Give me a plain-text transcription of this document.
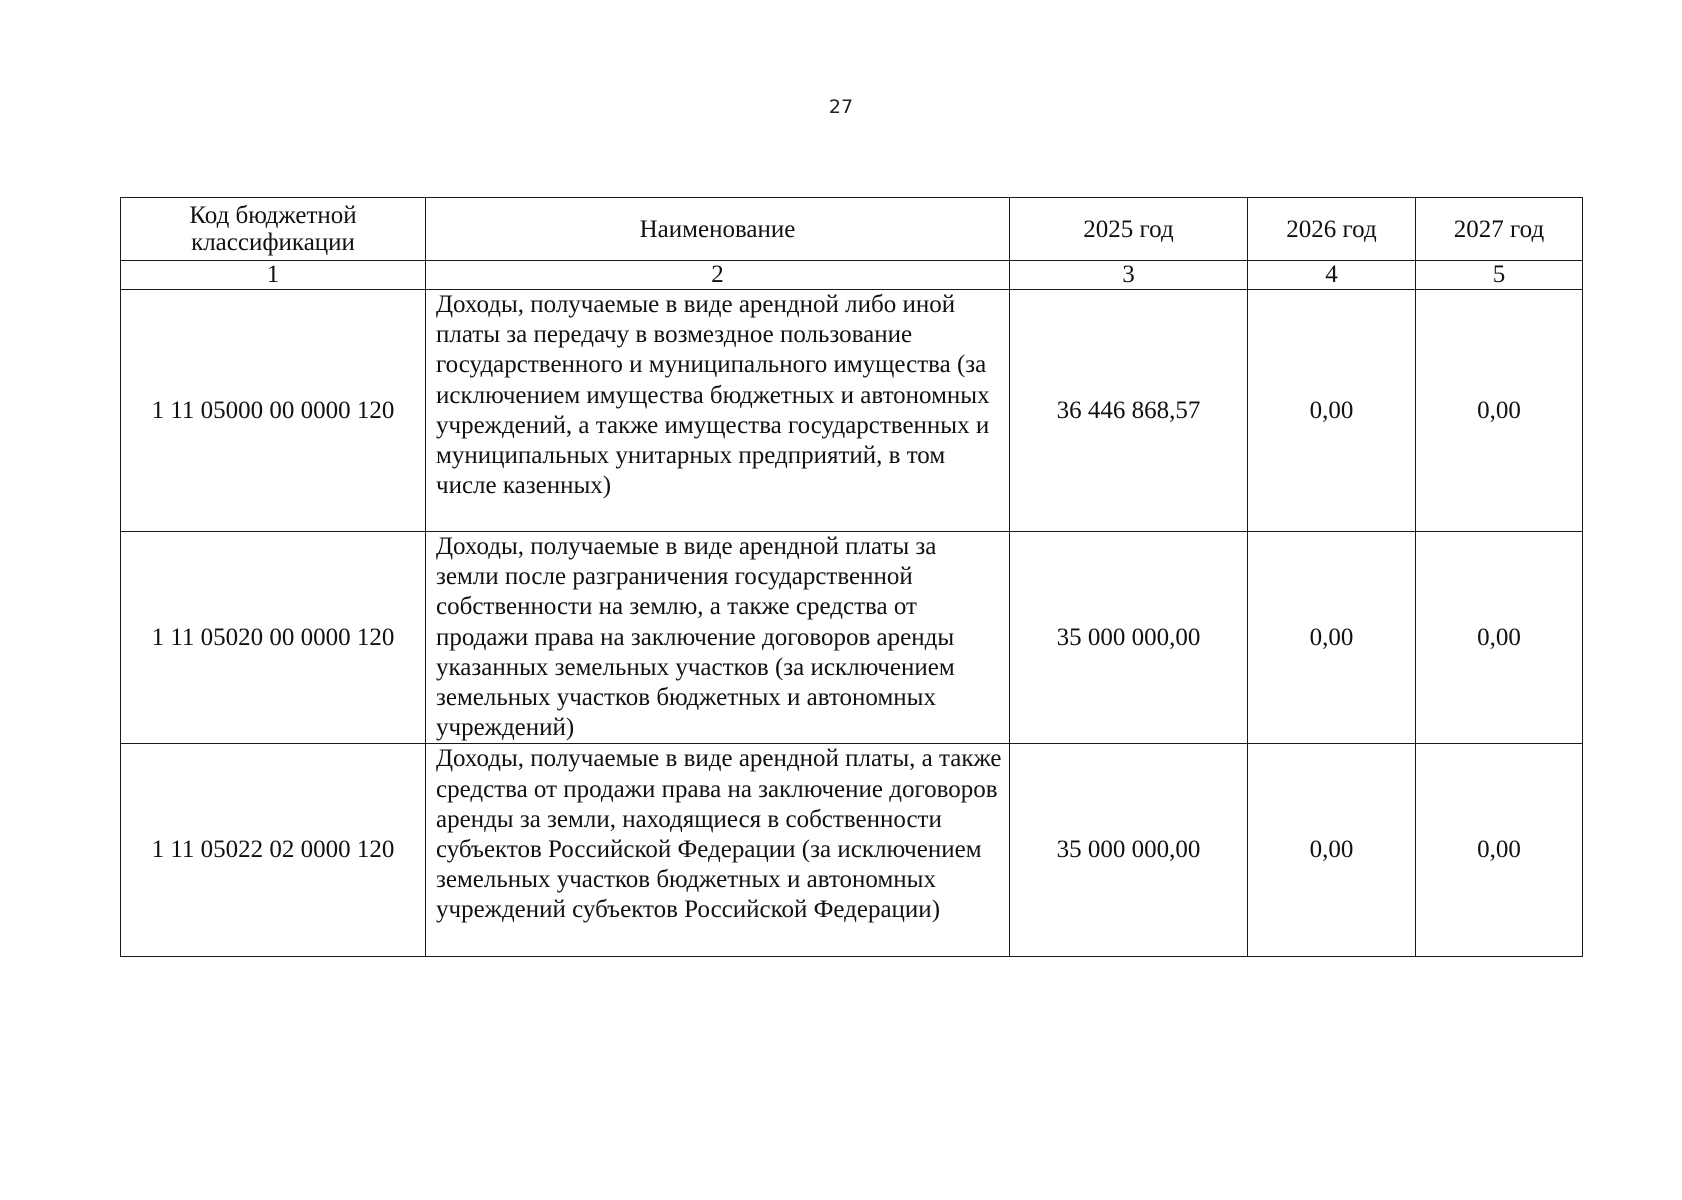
27
Код бюджетной классификации	Наименование	2025 год	2026 год	2027 год
1	2	3	4	5
1 11 05000 00 0000 120	Доходы, получаемые в виде арендной либо иной платы за передачу в возмездное пользование государственного и муниципального имущества (за исключением имущества бюджетных и автономных учреждений, а также имущества государственных и муниципальных унитарных предприятий, в том числе казенных)	36 446 868,57	0,00	0,00
1 11 05020 00 0000 120	Доходы, получаемые в виде арендной платы за земли после разграничения государственной собственности на землю, а также средства от продажи права на заключение договоров аренды указанных земельных участков (за исключением земельных участков бюджетных и автономных учреждений)	35 000 000,00	0,00	0,00
1 11 05022 02 0000 120	Доходы, получаемые в виде арендной платы, а также средства от продажи права на заключение договоров аренды за земли, находящиеся в собственности субъектов Российской Федерации (за исключением земельных участков бюджетных и автономных учреждений субъектов Российской Федерации)	35 000 000,00	0,00	0,00
